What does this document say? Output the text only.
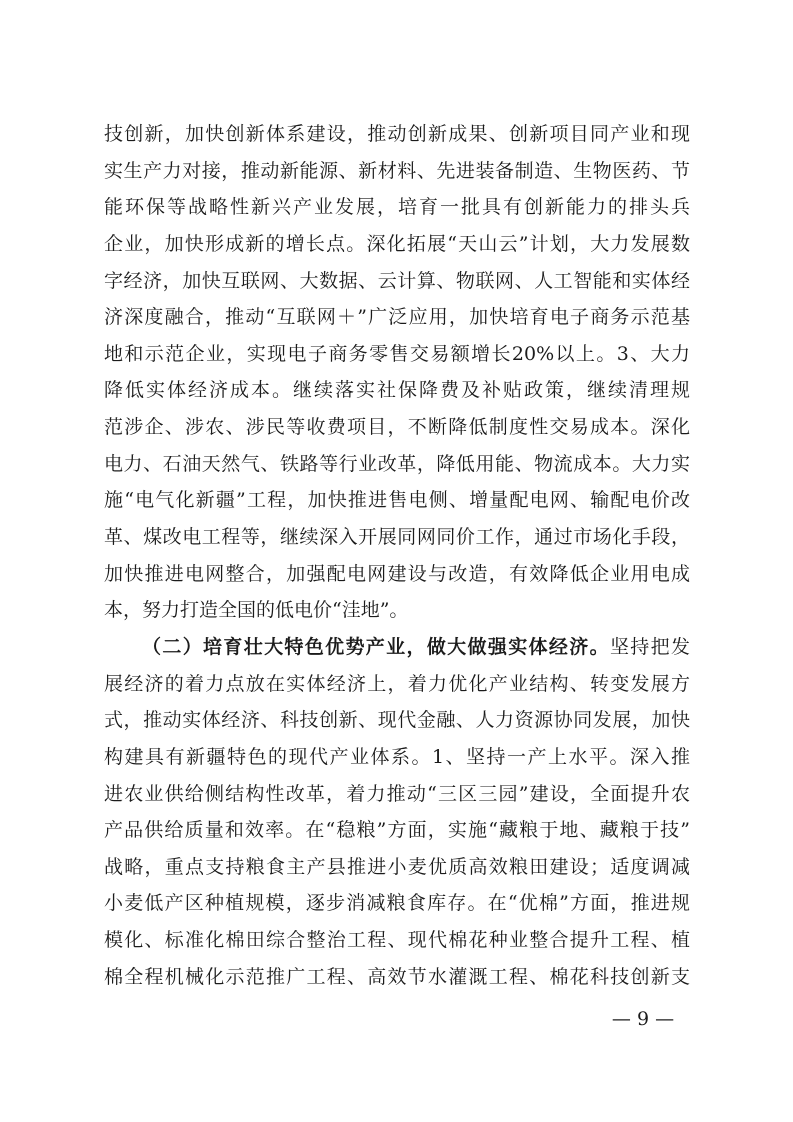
技创新，加快创新体系建设，推动创新成果、创新项目同产业和现
实生产力对接，推动新能源、新材料、先进装备制造、生物医药、节
能环保等战略性新兴产业发展，培育一批具有创新能力的排头兵
企业，加快形成新的增长点。深化拓展“天山云”计划，大力发展数
字经济，加快互联网、大数据、云计算、物联网、人工智能和实体经
济深度融合，推动“互联网＋”广泛应用，加快培育电子商务示范基
地和示范企业，实现电子商务零售交易额增长20%以上。3、大力
降低实体经济成本。继续落实社保降费及补贴政策，继续清理规
范涉企、涉农、涉民等收费项目，不断降低制度性交易成本。深化
电力、石油天然气、铁路等行业改革，降低用能、物流成本。大力实
施“电气化新疆”工程，加快推进售电侧、增量配电网、输配电价改
革、煤改电工程等，继续深入开展同网同价工作，通过市场化手段，
加快推进电网整合，加强配电网建设与改造，有效降低企业用电成
本，努力打造全国的低电价“洼地”。
（二）培育壮大特色优势产业，做大做强实体经济。坚持把发
展经济的着力点放在实体经济上，着力优化产业结构、转变发展方
式，推动实体经济、科技创新、现代金融、人力资源协同发展，加快
构建具有新疆特色的现代产业体系。1、坚持一产上水平。深入推
进农业供给侧结构性改革，着力推动“三区三园”建设，全面提升农
产品供给质量和效率。在“稳粮”方面，实施“藏粮于地、藏粮于技”
战略，重点支持粮食主产县推进小麦优质高效粮田建设；适度调减
小麦低产区种植规模，逐步消减粮食库存。在“优棉”方面，推进规
模化、标准化棉田综合整治工程、现代棉花种业整合提升工程、植
棉全程机械化示范推广工程、高效节水灌溉工程、棉花科技创新支
— 9 —
